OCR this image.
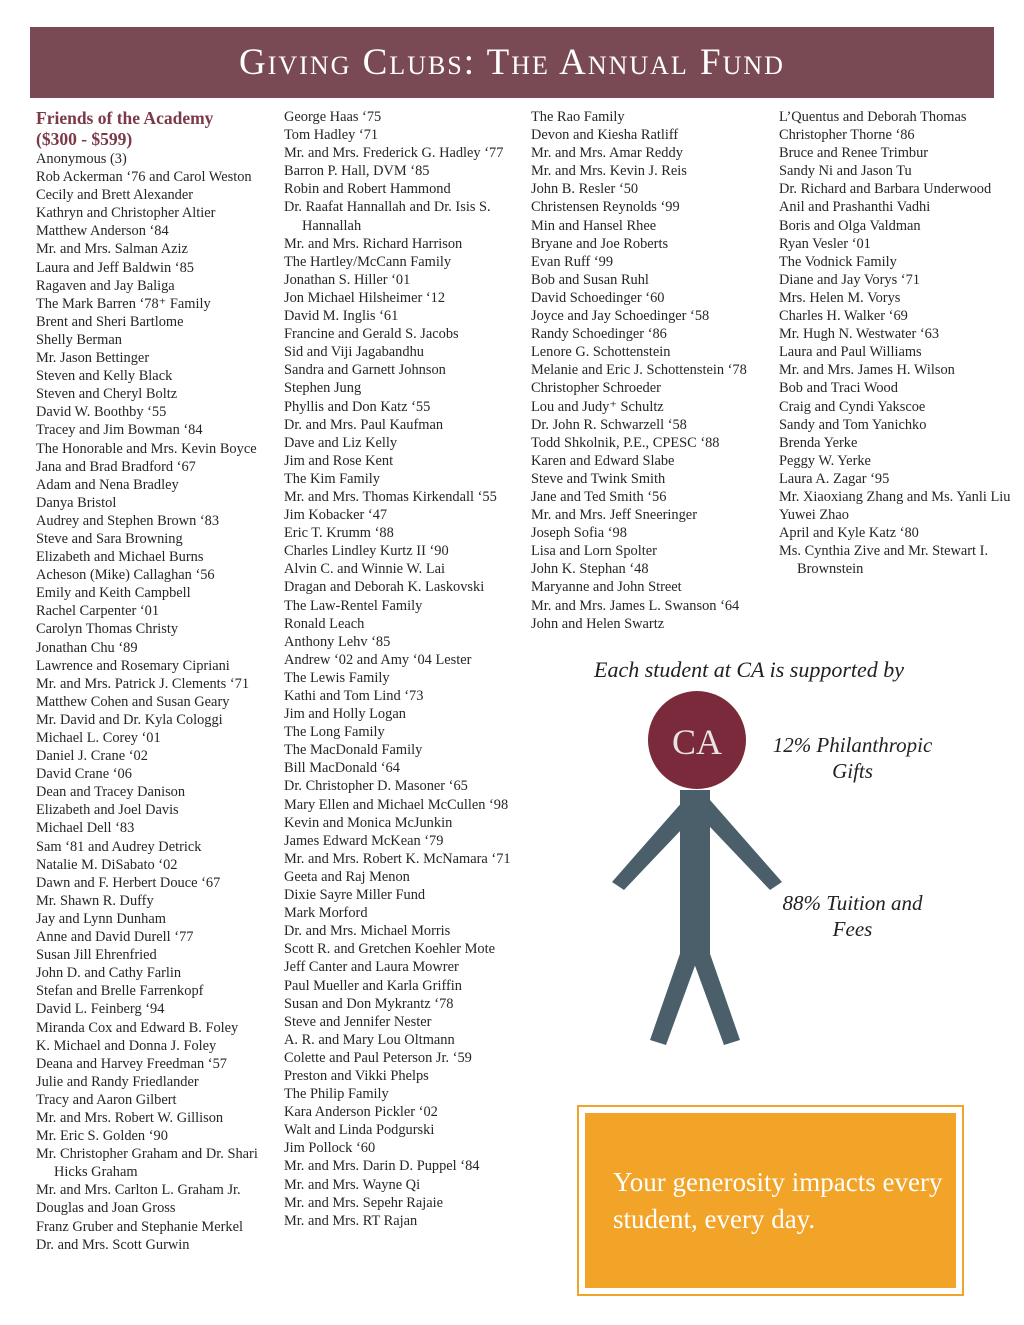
Giving Clubs: The Annual Fund
Friends of the Academy
($300 - $599)
Anonymous (3)
Rob Ackerman ‘76 and Carol Weston
Cecily and Brett Alexander
Kathryn and Christopher Altier
Matthew Anderson ‘84
Mr. and Mrs. Salman Aziz
Laura and Jeff Baldwin ‘85
Ragaven and Jay Baliga
The Mark Barren ‘78⁺ Family
Brent and Sheri Bartlome
Shelly Berman
Mr. Jason Bettinger
Steven and Kelly Black
Steven and Cheryl Boltz
David W. Boothby ‘55
Tracey and Jim Bowman ‘84
The Honorable and Mrs. Kevin Boyce
Jana and Brad Bradford ‘67
Adam and Nena Bradley
Danya Bristol
Audrey and Stephen Brown ‘83
Steve and Sara Browning
Elizabeth and Michael Burns
Acheson (Mike) Callaghan ‘56
Emily and Keith Campbell
Rachel Carpenter ‘01
Carolyn Thomas Christy
Jonathan Chu ‘89
Lawrence and Rosemary Cipriani
Mr. and Mrs. Patrick J. Clements ‘71
Matthew Cohen and Susan Geary
Mr. David and Dr. Kyla Cologgi
Michael L. Corey ‘01
Daniel J. Crane ‘02
David Crane ‘06
Dean and Tracey Danison
Elizabeth and Joel Davis
Michael Dell ‘83
Sam ‘81 and Audrey Detrick
Natalie M. DiSabato ‘02
Dawn and F. Herbert Douce ‘67
Mr. Shawn R. Duffy
Jay and Lynn Dunham
Anne and David Durell ‘77
Susan Jill Ehrenfried
John D. and Cathy Farlin
Stefan and Brelle Farrenkopf
David L. Feinberg ‘94
Miranda Cox and Edward B. Foley
K. Michael and Donna J. Foley
Deana and Harvey Freedman ‘57
Julie and Randy Friedlander
Tracy and Aaron Gilbert
Mr. and Mrs. Robert W. Gillison
Mr. Eric S. Golden ‘90
Mr. Christopher Graham and Dr. Shari Hicks Graham
Mr. and Mrs. Carlton L. Graham Jr.
Douglas and Joan Gross
Franz Gruber and Stephanie Merkel
Dr. and Mrs. Scott Gurwin
George Haas ‘75
Tom Hadley ‘71
Mr. and Mrs. Frederick G. Hadley ‘77
Barron P. Hall, DVM ‘85
Robin and Robert Hammond
Dr. Raafat Hannallah and Dr. Isis S. Hannallah
Mr. and Mrs. Richard Harrison
The Hartley/McCann Family
Jonathan S. Hiller ‘01
Jon Michael Hilsheimer ‘12
David M. Inglis ‘61
Francine and Gerald S. Jacobs
Sid and Viji Jagabandhu
Sandra and Garnett Johnson
Stephen Jung
Phyllis and Don Katz ‘55
Dr. and Mrs. Paul Kaufman
Dave and Liz Kelly
Jim and Rose Kent
The Kim Family
Mr. and Mrs. Thomas Kirkendall ‘55
Jim Kobacker ‘47
Eric T. Krumm ‘88
Charles Lindley Kurtz II ‘90
Alvin C. and Winnie W. Lai
Dragan and Deborah K. Laskovski
The Law-Rentel Family
Ronald Leach
Anthony Lehv ‘85
Andrew ‘02 and Amy ‘04 Lester
The Lewis Family
Kathi and Tom Lind ‘73
Jim and Holly Logan
The Long Family
The MacDonald Family
Bill MacDonald ‘64
Dr. Christopher D. Masoner ‘65
Mary Ellen and Michael McCullen ‘98
Kevin and Monica McJunkin
James Edward McKean ‘79
Mr. and Mrs. Robert K. McNamara ‘71
Geeta and Raj Menon
Dixie Sayre Miller Fund
Mark Morford
Dr. and Mrs. Michael Morris
Scott R. and Gretchen Koehler Mote
Jeff Canter and Laura Mowrer
Paul Mueller and Karla Griffin
Susan and Don Mykrantz ‘78
Steve and Jennifer Nester
A. R. and Mary Lou Oltmann
Colette and Paul Peterson Jr. ‘59
Preston and Vikki Phelps
The Philip Family
Kara Anderson Pickler ‘02
Walt and Linda Podgurski
Jim Pollock ‘60
Mr. and Mrs. Darin D. Puppel ‘84
Mr. and Mrs. Wayne Qi
Mr. and Mrs. Sepehr Rajaie
Mr. and Mrs. RT Rajan
The Rao Family
Devon and Kiesha Ratliff
Mr. and Mrs. Amar Reddy
Mr. and Mrs. Kevin J. Reis
John B. Resler ‘50
Christensen Reynolds ‘99
Min and Hansel Rhee
Bryane and Joe Roberts
Evan Ruff ‘99
Bob and Susan Ruhl
David Schoedinger ‘60
Joyce and Jay Schoedinger ‘58
Randy Schoedinger ‘86
Lenore G. Schottenstein
Melanie and Eric J. Schottenstein ‘78
Christopher Schroeder
Lou and Judy⁺ Schultz
Dr. John R. Schwarzell ‘58
Todd Shkolnik, P.E., CPESC ‘88
Karen and Edward Slabe
Steve and Twink Smith
Jane and Ted Smith ‘56
Mr. and Mrs. Jeff Sneeringer
Joseph Sofia ‘98
Lisa and Lorn Spolter
John K. Stephan ‘48
Maryanne and John Street
Mr. and Mrs. James L. Swanson ‘64
John and Helen Swartz
L’Quentus and Deborah Thomas
Christopher Thorne ‘86
Bruce and Renee Trimbur
Sandy Ni and Jason Tu
Dr. Richard and Barbara Underwood
Anil and Prashanthi Vadhi
Boris and Olga Valdman
Ryan Vesler ‘01
The Vodnick Family
Diane and Jay Vorys ‘71
Mrs. Helen M. Vorys
Charles H. Walker ‘69
Mr. Hugh N. Westwater ‘63
Laura and Paul Williams
Mr. and Mrs. James H. Wilson
Bob and Traci Wood
Craig and Cyndi Yakscoe
Sandy and Tom Yanichko
Brenda Yerke
Peggy W. Yerke
Laura A. Zagar ‘95
Mr. Xiaoxiang Zhang and Ms. Yanli Liu
Yuwei Zhao
April and Kyle Katz ‘80
Ms. Cynthia Zive and Mr. Stewart I. Brownstein
Each student at CA is supported by
CA	12% Philanthropic Gifts
88% Tuition and Fees
Your generosity impacts every student, every day.
